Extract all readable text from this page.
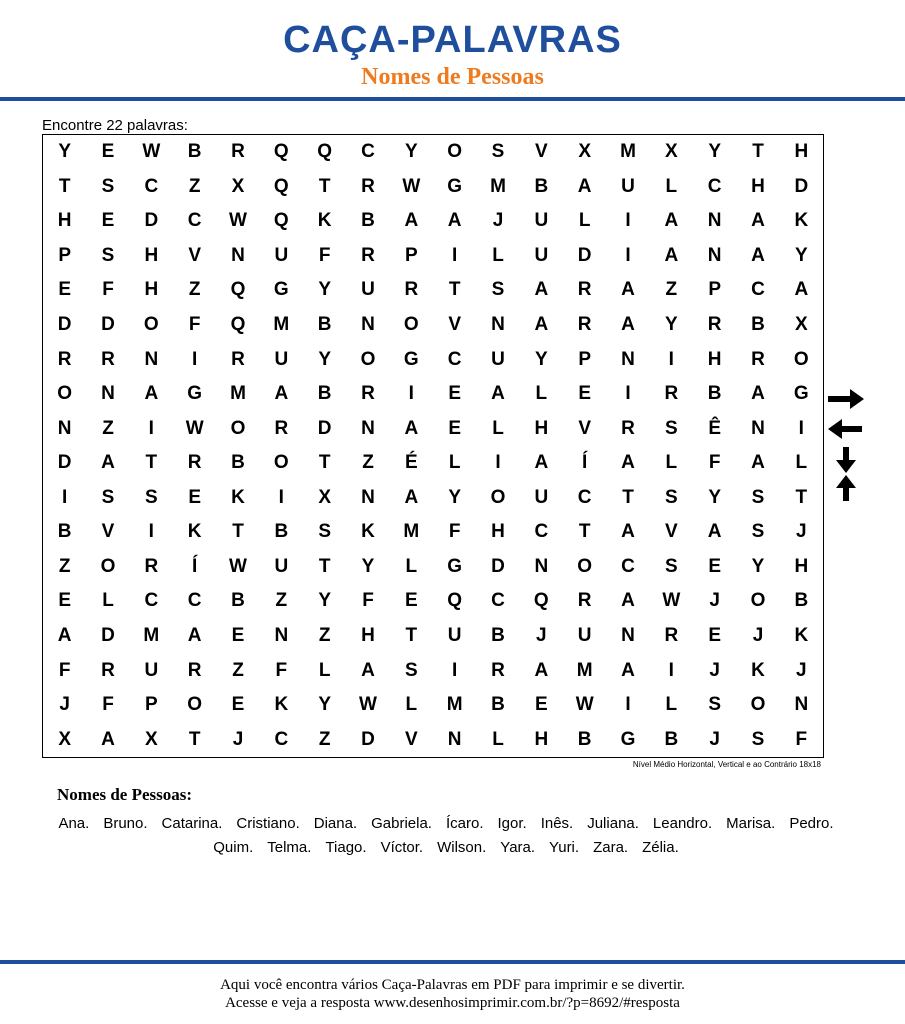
CAÇA-PALAVRAS
Nomes de Pessoas
Encontre 22 palavras:
Y	E	W	B	R	Q	Q	C	Y	O	S	V	X	M	X	Y	T	H
T	S	C	Z	X	Q	T	R	W	G	M	B	A	U	L	C	H	D
H	E	D	C	W	Q	K	B	A	A	J	U	L	I	A	N	A	K
P	S	H	V	N	U	F	R	P	I	L	U	D	I	A	N	A	Y
E	F	H	Z	Q	G	Y	U	R	T	S	A	R	A	Z	P	C	A
D	D	O	F	Q	M	B	N	O	V	N	A	R	A	Y	R	B	X
R	R	N	I	R	U	Y	O	G	C	U	Y	P	N	I	H	R	O
O	N	A	G	M	A	B	R	I	E	A	L	E	I	R	B	A	G
N	Z	I	W	O	R	D	N	A	E	L	H	V	R	S	Ê	N	I
D	A	T	R	B	O	T	Z	É	L	I	A	Í	A	L	F	A	L
I	S	S	E	K	I	X	N	A	Y	O	U	C	T	S	Y	S	T
B	V	I	K	T	B	S	K	M	F	H	C	T	A	V	A	S	J
Z	O	R	Í	W	U	T	Y	L	G	D	N	O	C	S	E	Y	H
E	L	C	C	B	Z	Y	F	E	Q	C	Q	R	A	W	J	O	B
A	D	M	A	E	N	Z	H	T	U	B	J	U	N	R	E	J	K
F	R	U	R	Z	F	L	A	S	I	R	A	M	A	I	J	K	J
J	F	P	O	E	K	Y	W	L	M	B	E	W	I	L	S	O	N
X	A	X	T	J	C	Z	D	V	N	L	H	B	G	B	J	S	F
Nível Médio Horizontal, Vertical e ao Contrário 18x18
Nomes de Pessoas:
Ana. Bruno. Catarina. Cristiano. Diana. Gabriela. Ícaro. Igor. Inês. Juliana. Leandro. Marisa. Pedro.Quim. Telma. Tiago. Víctor. Wilson. Yara. Yuri. Zara. Zélia.
Aqui você encontra vários Caça-Palavras em PDF para imprimir e se divertir.
Acesse e veja a resposta www.desenhosimprimir.com.br/?p=8692/#resposta
